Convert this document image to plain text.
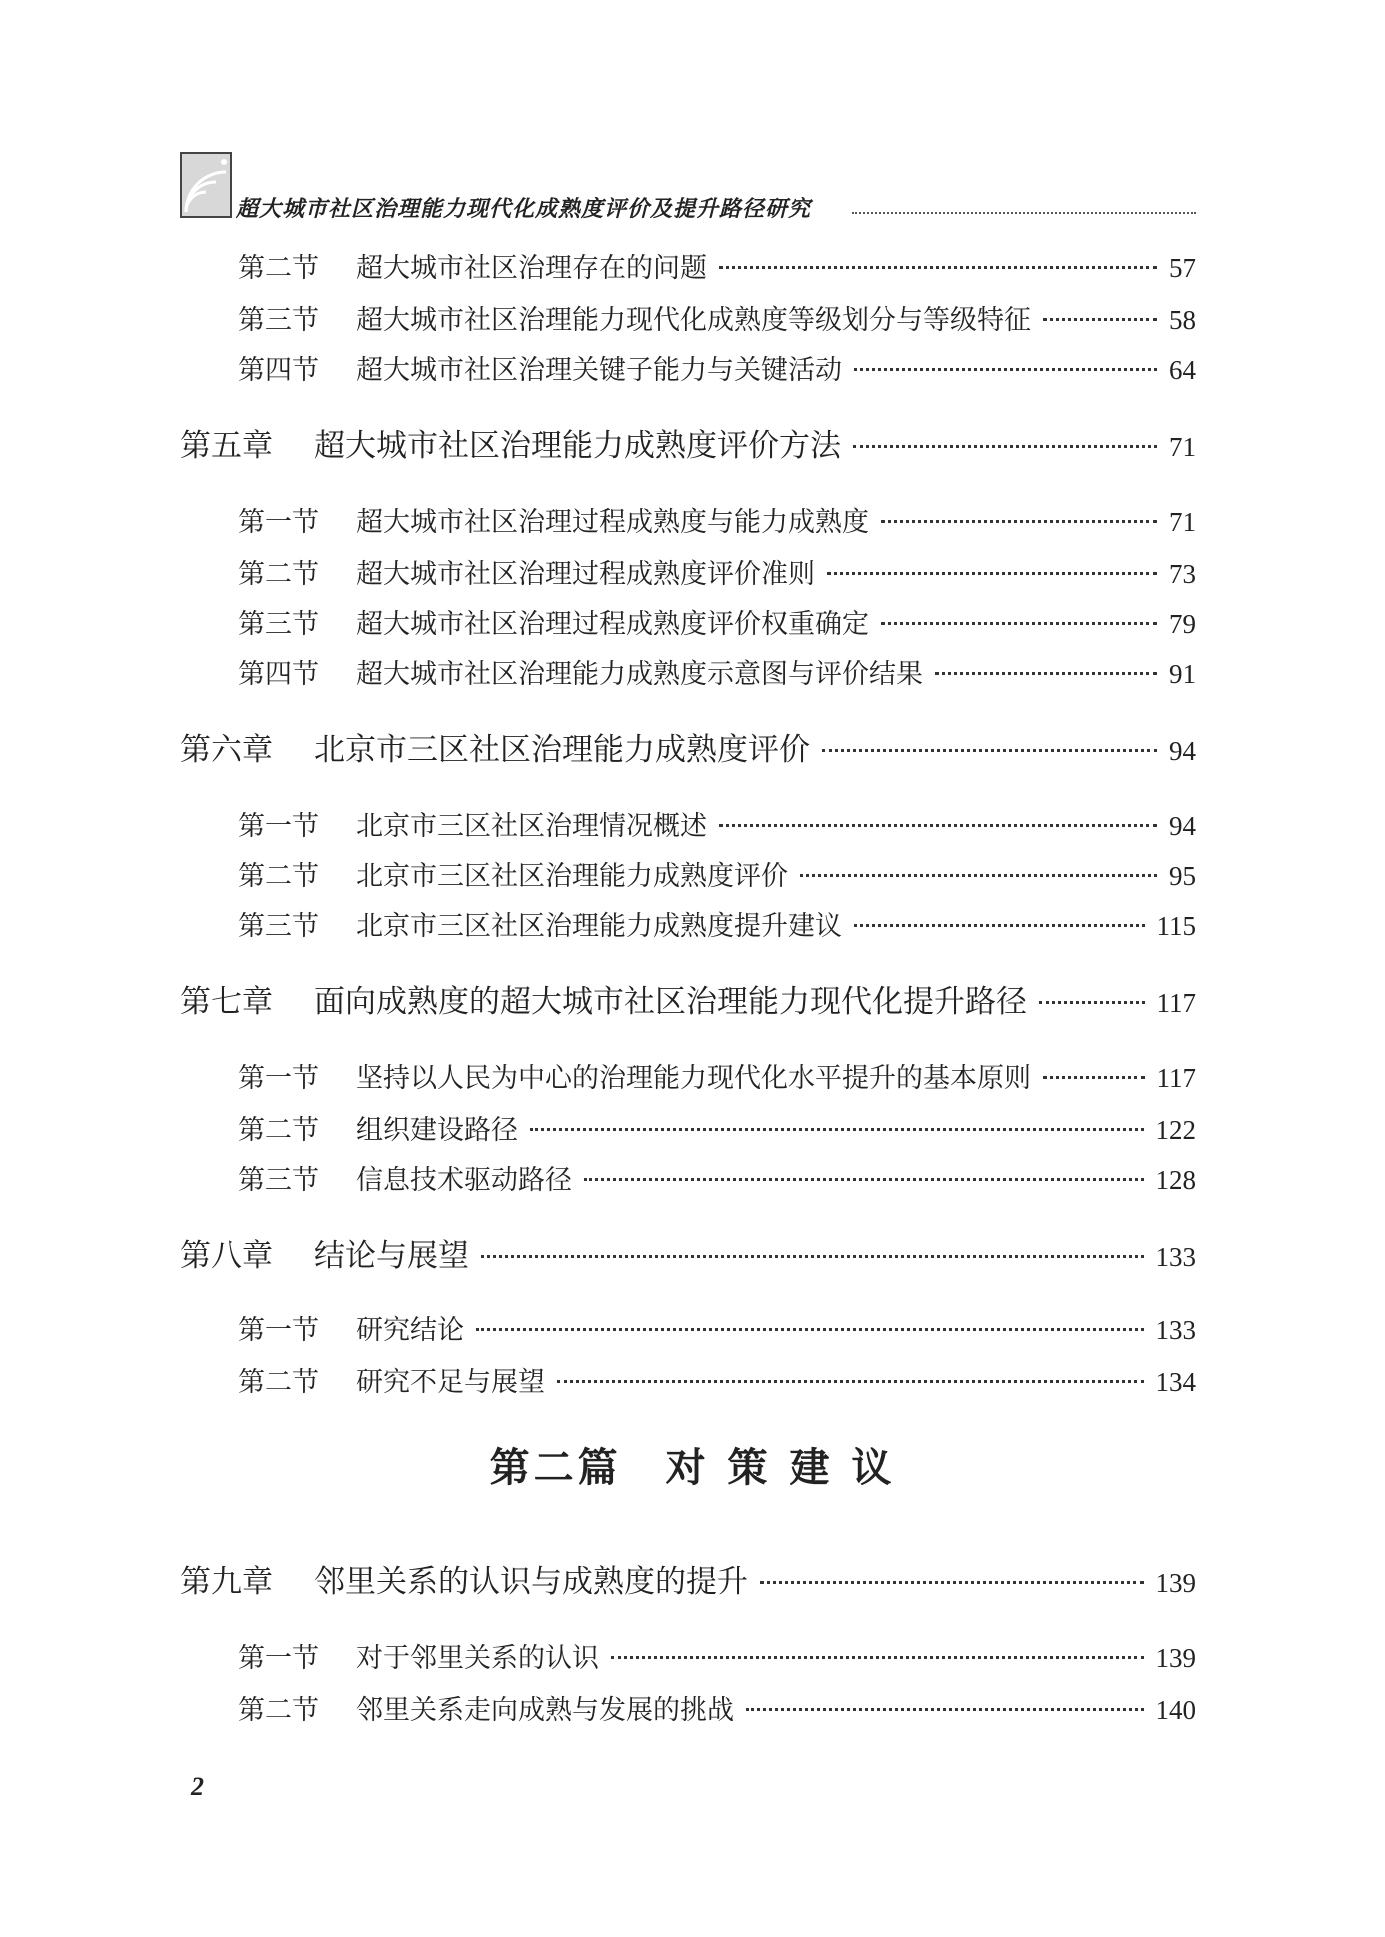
超大城市社区治理能力现代化成熟度评价及提升路径研究
第二节	超大城市社区治理存在的问题	57
第三节	超大城市社区治理能力现代化成熟度等级划分与等级特征	58
第四节	超大城市社区治理关键子能力与关键活动	64
第五章	超大城市社区治理能力成熟度评价方法	71
第一节	超大城市社区治理过程成熟度与能力成熟度	71
第二节	超大城市社区治理过程成熟度评价准则	73
第三节	超大城市社区治理过程成熟度评价权重确定	79
第四节	超大城市社区治理能力成熟度示意图与评价结果	91
第六章	北京市三区社区治理能力成熟度评价	94
第一节	北京市三区社区治理情况概述	94
第二节	北京市三区社区治理能力成熟度评价	95
第三节	北京市三区社区治理能力成熟度提升建议	115
第七章	面向成熟度的超大城市社区治理能力现代化提升路径	117
第一节	坚持以人民为中心的治理能力现代化水平提升的基本原则	117
第二节	组织建设路径	122
第三节	信息技术驱动路径	128
第八章	结论与展望	133
第一节	研究结论	133
第二节	研究不足与展望	134
第九章	邻里关系的认识与成熟度的提升	139
第一节	对于邻里关系的认识	139
第二节	邻里关系走向成熟与发展的挑战	140
第二篇　对 策 建 议
2
